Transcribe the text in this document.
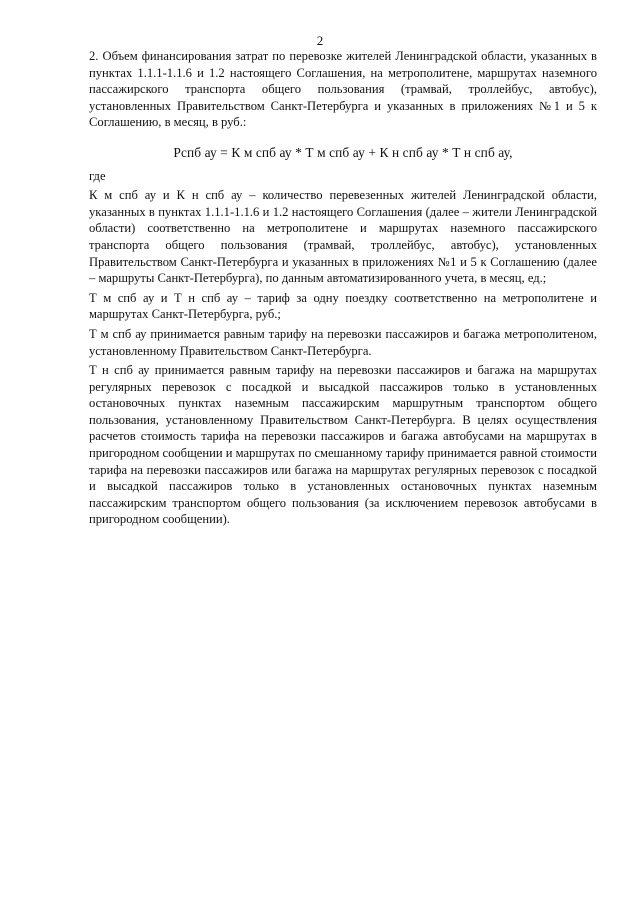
2

2. Объем финансирования затрат по перевозке жителей Ленинградской области, указанных в пунктах 1.1.1-1.1.6 и 1.2 настоящего Соглашения, на метрополитене, маршрутах наземного пассажирского транспорта общего пользования (трамвай, троллейбус, автобус), установленных Правительством Санкт-Петербурга и указанных в приложениях №1 и 5 к Соглашению, в месяц, в руб.:

Рспб ау = К м спб ау * Т м спб ау + К н спб ау * Т н спб ау,

где

К м спб ау и К н спб ау – количество перевезенных жителей Ленинградской области, указанных в пунктах 1.1.1-1.1.6 и 1.2 настоящего Соглашения (далее – жители Ленинградской области) соответственно на метрополитене и маршрутах наземного пассажирского транспорта общего пользования (трамвай, троллейбус, автобус), установленных Правительством Санкт-Петербурга и указанных в приложениях №1 и 5 к Соглашению (далее – маршруты Санкт-Петербурга), по данным автоматизированного учета, в месяц, ед.;

Т м спб ау и Т н спб ау – тариф за одну поездку соответственно на метрополитене и маршрутах Санкт-Петербурга, руб.;

Т м спб ау принимается равным тарифу на перевозки пассажиров и багажа метрополитеном, установленному Правительством Санкт-Петербурга.

Т н спб ау принимается равным тарифу на перевозки пассажиров и багажа на маршрутах регулярных перевозок с посадкой и высадкой пассажиров только в установленных остановочных пунктах наземным пассажирским маршрутным транспортом общего пользования, установленному Правительством Санкт-Петербурга. В целях осуществления расчетов стоимость тарифа на перевозки пассажиров и багажа автобусами на маршрутах в пригородном сообщении и маршрутах по смешанному тарифу принимается равной стоимости тарифа на перевозки пассажиров или багажа на маршрутах регулярных перевозок с посадкой и высадкой пассажиров только в установленных остановочных пунктах наземным пассажирским транспортом общего пользования (за исключением перевозок автобусами в пригородном сообщении).
